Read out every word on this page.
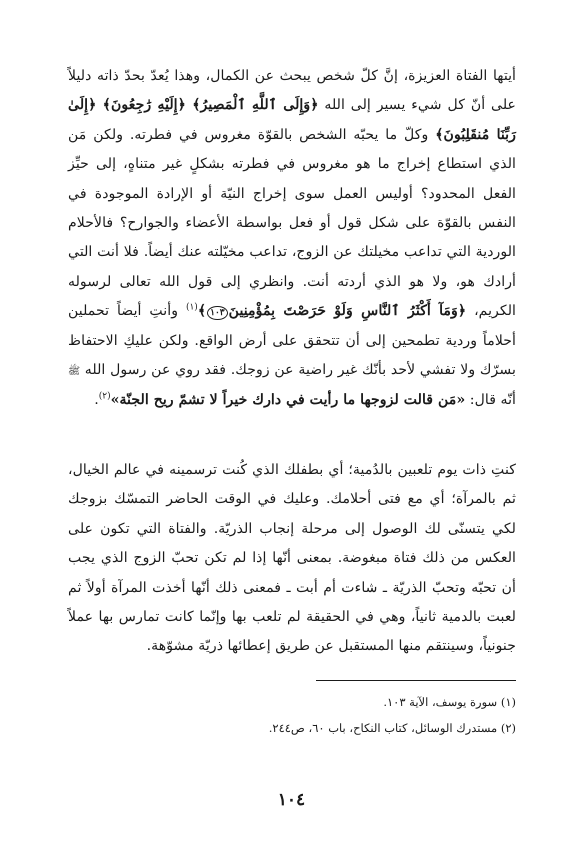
أيتها الفتاة العزيزة، إنَّ كلّ شخص يبحث عن الكمال، وهذا يُعدّ بحدّ ذاته دليلاً على أنّ كل شيء يسير إلى الله ﴿وَإِلَى ٱللَّهِ ٱلْمَصِيرُ﴾ ﴿إِلَيْهِ رَٰجِعُونَ﴾ ﴿إِلَىٰ رَبِّنَا مُنقَلِبُونَ﴾ وكلّ ما يحبّه الشخص بالقوّة مغروس في فطرته. ولكن مَن الذي استطاع إخراج ما هو مغروس في فطرته بشكلٍ غير متناهٍ، إلى حيِّز الفعل المحدود؟ أوليس العمل سوى إخراج النيّة أو الإرادة الموجودة في النفس بالقوّة على شكل قول أو فعل بواسطة الأعضاء والجوارح؟ فالأحلام الوردية التي تداعب مخيلتك عن الزوج، تداعب مخيّلته عنك أيضاً. فلا أنت التي أرادك هو، ولا هو الذي أردته أنت. وانظري إلى قول الله تعالى لرسوله الكريم، ﴿وَمَآ أَكْثَرُ ٱلنَّاسِ وَلَوْ حَرَصْتَ بِمُؤْمِنِينَ١٠٣﴾$^{(١)}$ وأنتِ أيضاً تحملين أحلاماً وردية تطمحين إلى أن تتحقق على أرض الواقع. ولكن عليكِ الاحتفاظ بسرّك ولا تفشي لأحد بأنّك غير راضية عن زوجك. فقد روي عن رسول الله ﷺ أنّه قال: «مَن قالت لزوجها ما رأيت في دارك خيراً لا تشمّ ريح الجنّة»$^{(٢)}$.

كنتِ ذات يوم تلعبين بالدُمية؛ أي بطفلك الذي كُنت ترسمينه في عالم الخيال، ثم بالمرآة؛ أي مع فتى أحلامك. وعليك في الوقت الحاضر التمسّك بزوجك لكي يتسنّى لك الوصول إلى مرحلة إنجاب الذريّة. والفتاة التي تكون على العكس من ذلك فتاة مبغوضة. بمعنى أنّها إذا لم تكن تحبّ الزوج الذي يجب أن تحبّه وتحبّ الذريّة ـ شاءت أم أبت ـ فمعنى ذلك أنّها أخذت المرآة أولاً ثم لعبت بالدمية ثانياً، وهي في الحقيقة لم تلعب بها وإنّما كانت تمارس بها عملاً جنونياً، وسينتقم منها المستقبل عن طريق إعطائها ذريّة مشوّهة.

(١) سورة يوسف، الآية ١٠٣.

(٢) مستدرك الوسائل، كتاب النكاح، باب ٦٠، ص٢٤٤.

١٠٤
